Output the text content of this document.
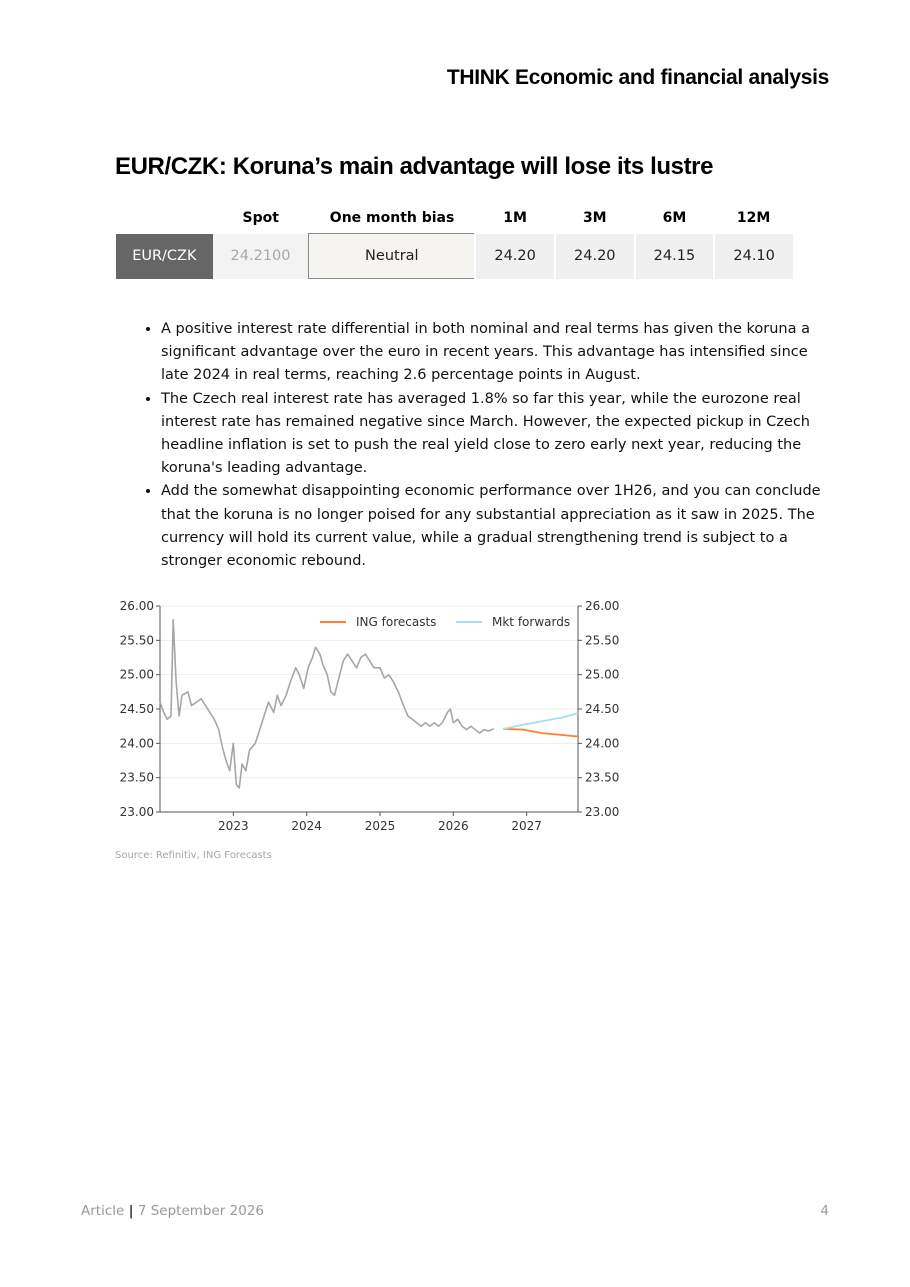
THINK Economic and financial analysis
EUR/CZK: Koruna’s main advantage will lose its lustre
	Spot	One month bias	1M	3M	6M	12M
EUR/CZK	24.2100	Neutral	24.20	24.20	24.15	24.10
• A positive interest rate differential in both nominal and real terms has given the koruna a significant advantage over the euro in recent years. This advantage has intensified since late 2024 in real terms, reaching 2.6 percentage points in August.
• The Czech real interest rate has averaged 1.8% so far this year, while the eurozone real interest rate has remained negative since March. However, the expected pickup in Czech headline inflation is set to push the real yield close to zero early next year, reducing the koruna's leading advantage.
• Add the somewhat disappointing economic performance over 1H26, and you can conclude that the koruna is no longer poised for any substantial appreciation as it saw in 2025. The currency will hold its current value, while a gradual strengthening trend is subject to a stronger economic rebound.
23.00	23.00
23.50	23.50
24.00	24.00
24.50	24.50
25.00	25.00
25.50	25.50
26.00	26.00
2023	2024	2025	2026	2027
ING forecasts	Mkt forwards
Source: Refinitiv, ING Forecasts
Article | 7 September 2026	4
